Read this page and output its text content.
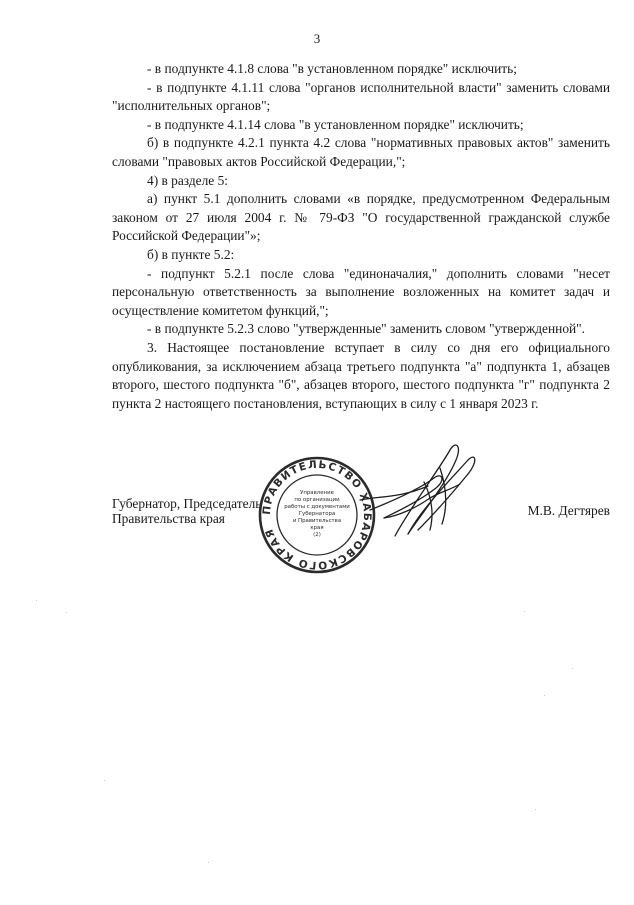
3

- в подпункте 4.1.8 слова "в установленном порядке" исключить;

- в подпункте 4.1.11 слова "органов исполнительной власти" заменить словами "исполнительных органов";

- в подпункте 4.1.14 слова "в установленном порядке" исключить;

б) в подпункте 4.2.1 пункта 4.2 слова "нормативных правовых актов" заменить словами "правовых актов Российской Федерации,";

4) в разделе 5:

а) пункт 5.1 дополнить словами «в порядке, предусмотренном Федеральным законом от 27 июля 2004 г. № 79-ФЗ "О государственной гражданской службе Российской Федерации"»;

б) в пункте 5.2:

- подпункт 5.2.1 после слова "единоначалия," дополнить словами "несет персональную ответственность за выполнение возложенных на комитет задач и осуществление комитетом функций,";

- в подпункте 5.2.3 слово "утвержденные" заменить словом "утвержденной".

3. Настоящее постановление вступает в силу со дня его официального опубликования, за исключением абзаца третьего подпункта "а" подпункта 1, абзацев второго, шестого подпункта "б", абзацев второго, шестого подпункта "г" подпункта 2 пункта 2 настоящего постановления, вступающих в силу с 1 января 2023 г.

Губернатор, Председатель
Правительства края
М.В. Дегтярев
ПРАВИТЕЛЬСТВО ХАБАРОВСКОГО КРАЯ
Управление
по организации
работы с документами
Губернатора
и Правительства
края
(2)
